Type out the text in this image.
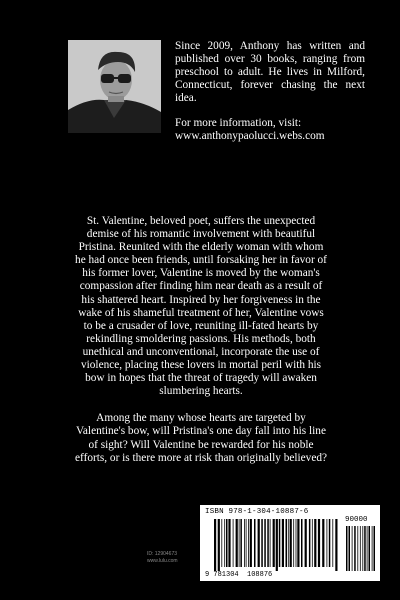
Since 2009, Anthony has written and published over 30 books, ranging from preschool to adult. He lives in Milford, Connecticut, forever chasing the next idea.

For more information, visit:
www.anthonypaolucci.webs.com

St. Valentine, beloved poet, suffers the unexpected demise of his romantic involvement with beautiful Pristina. Reunited with the elderly woman with whom he had once been friends, until forsaking her in favor of his former lover, Valentine is moved by the woman's compassion after finding him near death as a result of his shattered heart. Inspired by her forgiveness in the wake of his shameful treatment of her, Valentine vows to be a crusader of love, reuniting ill-fated hearts by rekindling smoldering passions. His methods, both unethical and unconventional, incorporate the use of violence, placing these lovers in mortal peril with his bow in hopes that the threat of tragedy will awaken slumbering hearts.

Among the many whose hearts are targeted by Valentine's bow, will Pristina's one day fall into his line of sight? Will Valentine be rewarded for his noble efforts, or is there more at risk than originally believed?

ID: 12904673
www.lulu.com
ISBN 978-1-304-10887-6
90000
9 781304 108876
